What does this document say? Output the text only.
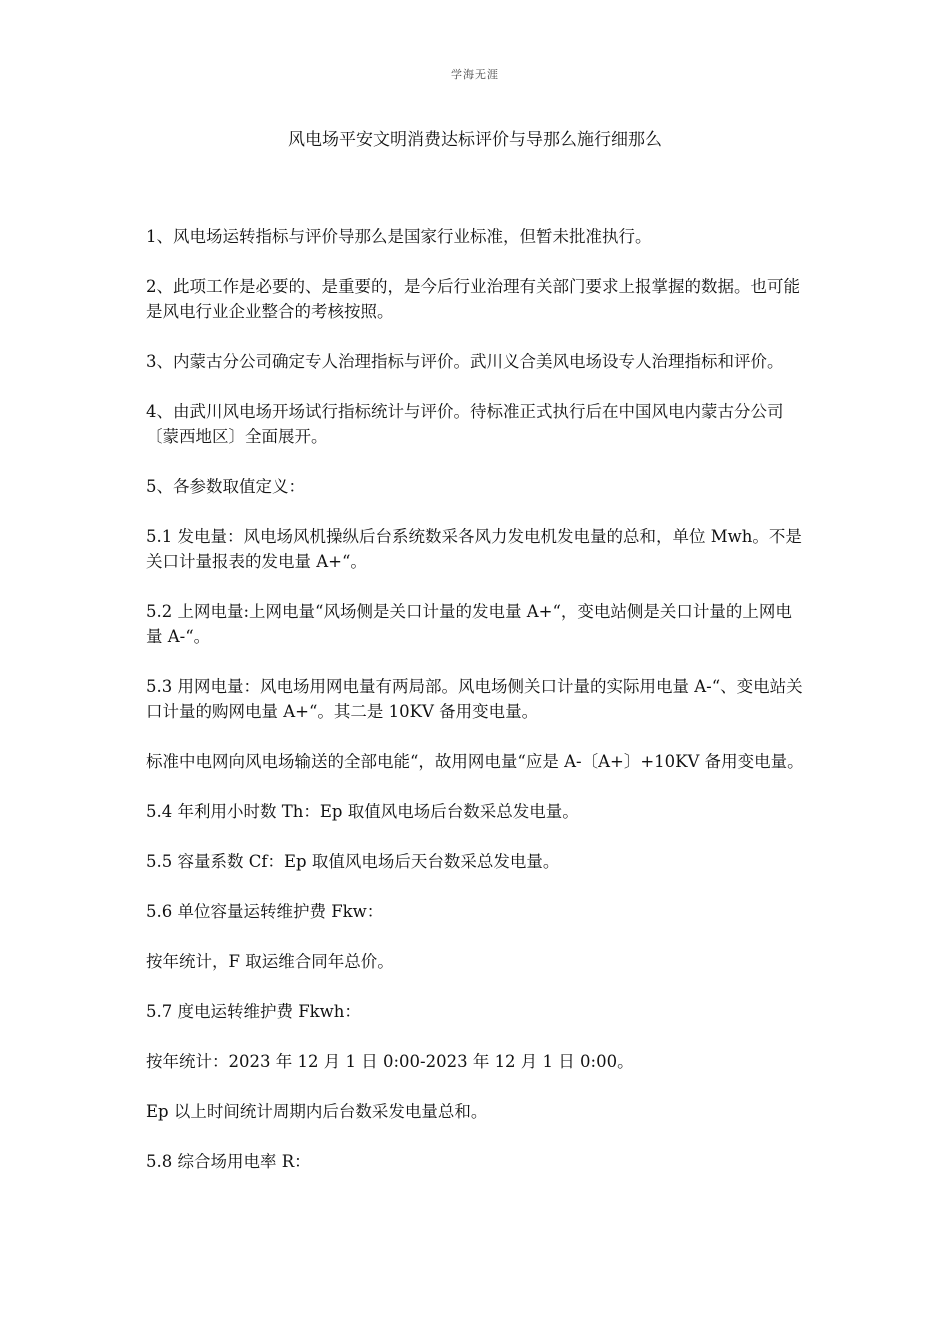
学海无涯
风电场平安文明消费达标评价与导那么施行细那么

1、风电场运转指标与评价导那么是国家行业标准，但暂未批准执行。

2、此项工作是必要的、是重要的，是今后行业治理有关部门要求上报掌握的数据。也可能是风电行业企业整合的考核按照。

3、内蒙古分公司确定专人治理指标与评价。武川义合美风电场设专人治理指标和评价。

4、由武川风电场开场试行指标统计与评价。待标准正式执行后在中国风电内蒙古分公司〔蒙西地区〕全面展开。

5、各参数取值定义：

5.1 发电量：风电场风机操纵后台系统数采各风力发电机发电量的总和，单位 Mwh。不是关口计量报表的发电量 A+“。

5.2 上网电量:上网电量“风场侧是关口计量的发电量 A+“，变电站侧是关口计量的上网电量 A-“。

5.3 用网电量：风电场用网电量有两局部。风电场侧关口计量的实际用电量 A-“、变电站关口计量的购网电量 A+“。其二是 10KV 备用变电量。

标准中电网向风电场输送的全部电能“，故用网电量“应是 A-〔A+〕+10KV 备用变电量。

5.4 年利用小时数 Th：Ep 取值风电场后台数采总发电量。

5.5 容量系数 Cf：Ep 取值风电场后天台数采总发电量。

5.6 单位容量运转维护费 Fkw：

按年统计，F 取运维合同年总价。

5.7 度电运转维护费 Fkwh：

按年统计：2023 年 12 月 1 日 0:00-2023 年 12 月 1 日 0:00。

Ep 以上时间统计周期内后台数采发电量总和。

5.8 综合场用电率 R：
